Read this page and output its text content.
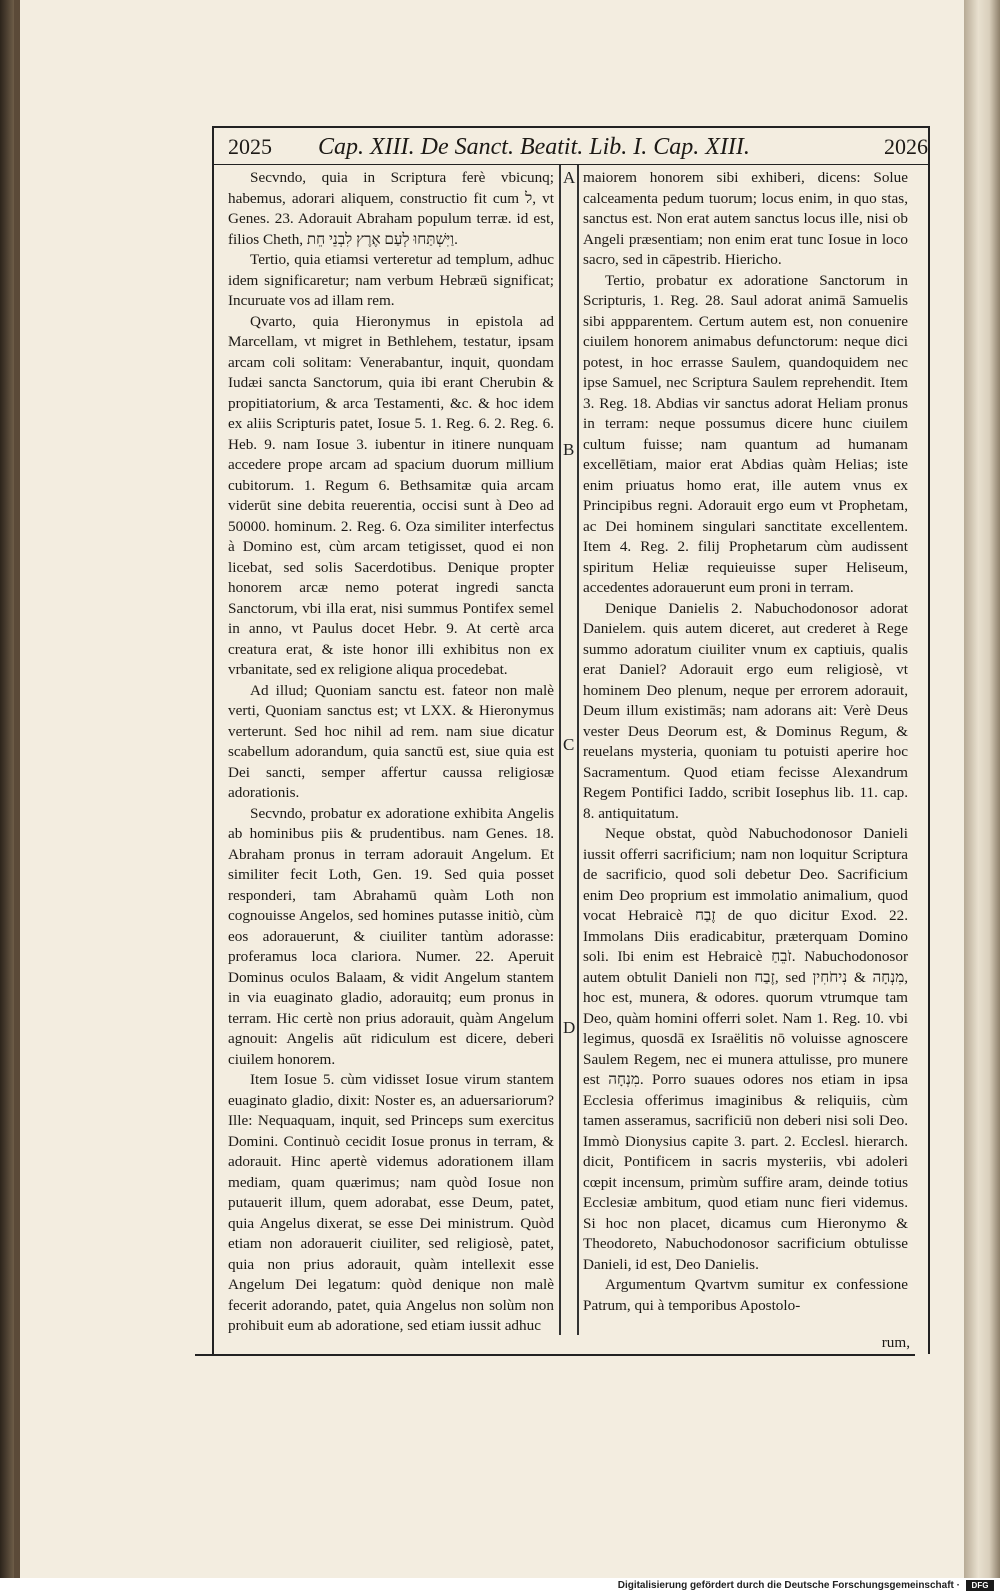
2025 Cap. XIII. De Sanct. Beatit. Lib. I. Cap. XIII.	2026
A
B
C
D

Secvndo, quia in Scriptura ferè vbicunq; habemus, adorari aliquem, constructio fit cum ל, vt Genes. 23. Adorauit Abraham populum terræ. id est, filios Cheth, וַיִּשְׁתַּחוּ לְעַם אֶרֶץ לִבְנֵי חֵת.

Tertio, quia etiamsi verteretur ad templum, adhuc idem significaretur; nam verbum Hebræū significat; Incuruate vos ad illam rem.

Qvarto, quia Hieronymus in epistola ad Marcellam, vt migret in Bethlehem, testatur, ipsam arcam coli solitam: Venerabantur, inquit, quondam Iudæi sancta Sanctorum, quia ibi erant Cherubin & propitiatorium, & arca Testamenti, &c. & hoc idem ex aliis Scripturis patet, Iosue 5. 1. Reg. 6. 2. Reg. 6. Heb. 9. nam Iosue 3. iubentur in itinere nunquam accedere prope arcam ad spacium duorum millium cubitorum. 1. Regum 6. Bethsamitæ quia arcam viderūt sine debita reuerentia, occisi sunt à Deo ad 50000. hominum. 2. Reg. 6. Oza similiter interfectus à Domino est, cùm arcam tetigisset, quod ei non licebat, sed solis Sacerdotibus. Denique propter honorem arcæ nemo poterat ingredi sancta Sanctorum, vbi illa erat, nisi summus Pontifex semel in anno, vt Paulus docet Hebr. 9. At certè arca creatura erat, & iste honor illi exhibitus non ex vrbanitate, sed ex religione aliqua procedebat.

Ad illud; Quoniam sanctu est. fateor non malè verti, Quoniam sanctus est; vt LXX. & Hieronymus verterunt. Sed hoc nihil ad rem. nam siue dicatur scabellum adorandum, quia sanctū est, siue quia est Dei sancti, semper affertur caussa religiosæ adorationis.

Secvndo, probatur ex adoratione exhibita Angelis ab hominibus piis & prudentibus. nam Genes. 18. Abraham pronus in terram adorauit Angelum. Et similiter fecit Loth, Gen. 19. Sed quia posset responderi, tam Abrahamū quàm Loth non cognouisse Angelos, sed homines putasse initiò, cùm eos adorauerunt, & ciuiliter tantùm adorasse: proferamus loca clariora. Numer. 22. Aperuit Dominus oculos Balaam, & vidit Angelum stantem in via euaginato gladio, adorauitq; eum pronus in terram. Hic certè non prius adorauit, quàm Angelum agnouit: Angelis aūt ridiculum est dicere, deberi ciuilem honorem.

Item Iosue 5. cùm vidisset Iosue virum stantem euaginato gladio, dixit: Noster es, an aduersariorum? Ille: Nequaquam, inquit, sed Princeps sum exercitus Domini. Continuò cecidit Iosue pronus in terram, & adorauit. Hinc apertè videmus adorationem illam mediam, quam quærimus; nam quòd Iosue non putauerit illum, quem adorabat, esse Deum, patet, quia Angelus dixerat, se esse Dei ministrum. Quòd etiam non adorauerit ciuiliter, sed religiosè, patet, quia non prius adorauit, quàm intellexit esse Angelum Dei legatum: quòd denique non malè fecerit adorando, patet, quia Angelus non solùm non prohibuit eum ab adoratione, sed etiam iussit adhuc

maiorem honorem sibi exhiberi, dicens: Solue calceamenta pedum tuorum; locus enim, in quo stas, sanctus est. Non erat autem sanctus locus ille, nisi ob Angeli præsentiam; non enim erat tunc Iosue in loco sacro, sed in cāpestrib. Hiericho.

Tertio, probatur ex adoratione Sanctorum in Scripturis, 1. Reg. 28. Saul adorat animā Samuelis sibi appparentem. Certum autem est, non conuenire ciuilem honorem animabus defunctorum: neque dici potest, in hoc errasse Saulem, quandoquidem nec ipse Samuel, nec Scriptura Saulem reprehendit. Item 3. Reg. 18. Abdias vir sanctus adorat Heliam pronus in terram: neque possumus dicere hunc ciuilem cultum fuisse; nam quantum ad humanam excellētiam, maior erat Abdias quàm Helias; iste enim priuatus homo erat, ille autem vnus ex Principibus regni. Adorauit ergo eum vt Prophetam, ac Dei hominem singulari sanctitate excellentem. Item 4. Reg. 2. filij Prophetarum cùm audissent spiritum Heliæ requieuisse super Heliseum, accedentes adorauerunt eum proni in terram.

Denique Danielis 2. Nabuchodonosor adorat Danielem. quis autem diceret, aut crederet à Rege summo adoratum ciuiliter vnum ex captiuis, qualis erat Daniel? Adorauit ergo eum religiosè, vt hominem Deo plenum, neque per errorem adorauit, Deum illum existimās; nam adorans ait: Verè Deus vester Deus Deorum est, & Dominus Regum, & reuelans mysteria, quoniam tu potuisti aperire hoc Sacramentum. Quod etiam fecisse Alexandrum Regem Pontifici Iaddo, scribit Iosephus lib. 11. cap. 8. antiquitatum.

Neque obstat, quòd Nabuchodonosor Danieli iussit offerri sacrificium; nam non loquitur Scriptura de sacrificio, quod soli debetur Deo. Sacrificium enim Deo proprium est immolatio animalium, quod vocat Hebraicè זֶבַח de quo dicitur Exod. 22. Immolans Diis eradicabitur, præterquam Domino soli. Ibi enim est Hebraicè זֹבֵחַ. Nabuchodonosor autem obtulit Danieli non זֶבַח, sed מִנְחָה & נִיחֹחִין, hoc est, munera, & odores. quorum vtrumque tam Deo, quàm homini offerri solet. Nam 1. Reg. 10. vbi legimus, quosdā ex Israëlitis nō voluisse agnoscere Saulem Regem, nec ei munera attulisse, pro munere est מִנְחָה. Porro suaues odores nos etiam in ipsa Ecclesia offerimus imaginibus & reliquiis, cùm tamen asseramus, sacrificiū non deberi nisi soli Deo. Immò Dionysius capite 3. part. 2. Ecclesl. hierarch. dicit, Pontificem in sacris mysteriis, vbi adoleri cœpit incensum, primùm suffire aram, deinde totius Ecclesiæ ambitum, quod etiam nunc fieri videmus. Si hoc non placet, dicamus cum Hieronymo & Theodoreto, Nabuchodonosor sacrificium obtulisse Danieli, id est, Deo Danielis.

Argumentum Qvartvm sumitur ex confessione Patrum, qui à temporibus Apostolo-

rum,
Digitalisierung gefördert durch die Deutsche Forschungsgemeinschaft ·	DFG
